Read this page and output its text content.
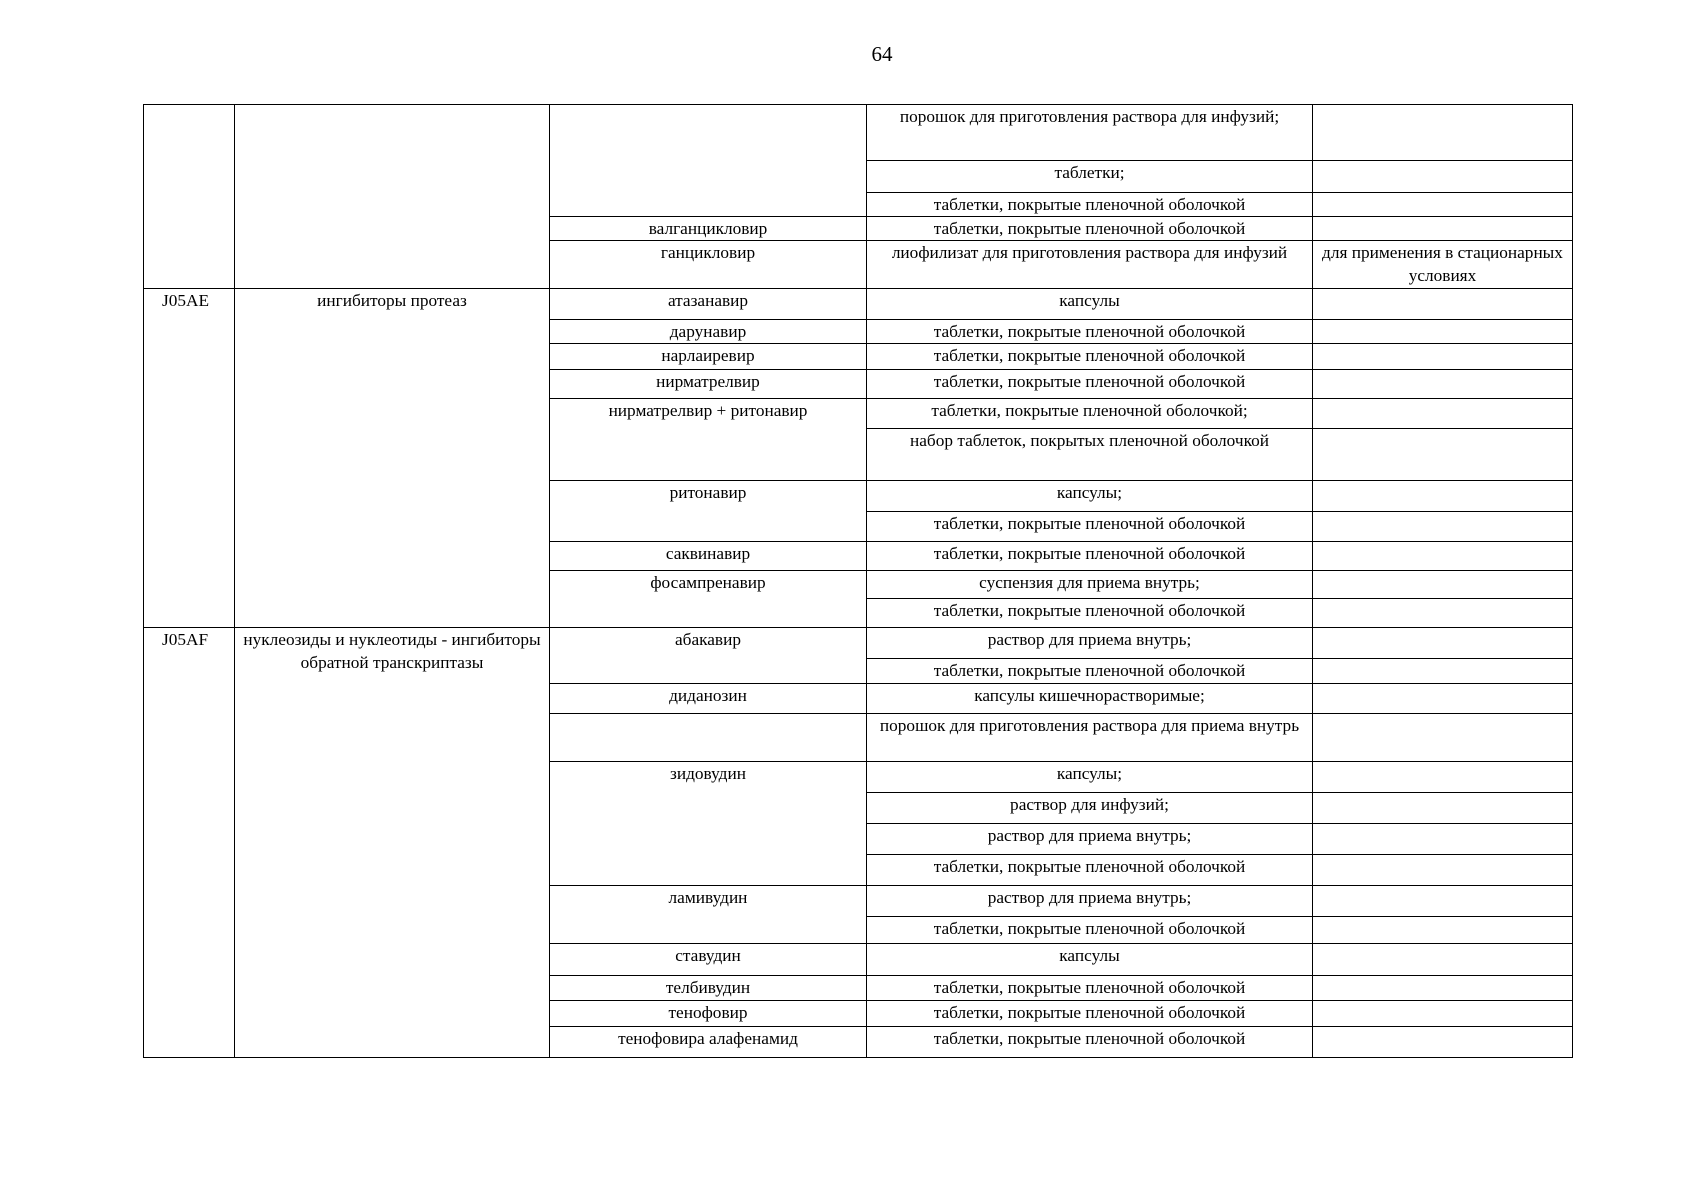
64
			порошок для приготовления раствора для инфузий;	
			таблетки;	
			таблетки, покрытые пленочной оболочкой	
		валганцикловир	таблетки, покрытые пленочной оболочкой	
		ганцикловир	лиофилизат для приготовления раствора для инфузий	для применения в стационарных условиях
J05AE	ингибиторы протеаз	атазанавир	капсулы	
		дарунавир	таблетки, покрытые пленочной оболочкой	
		нарлаиревир	таблетки, покрытые пленочной оболочкой	
		нирматрелвир	таблетки, покрытые пленочной оболочкой	
		нирматрелвир + ритонавир	таблетки, покрытые пленочной оболочкой;	
			набор таблеток, покрытых пленочной оболочкой	
		ритонавир	капсулы;	
			таблетки, покрытые пленочной оболочкой	
		саквинавир	таблетки, покрытые пленочной оболочкой	
		фосампренавир	суспензия для приема внутрь;	
			таблетки, покрытые пленочной оболочкой	
J05AF	нуклеозиды и нуклеотиды - ингибиторы обратной транскриптазы	абакавир	раствор для приема внутрь;	
			таблетки, покрытые пленочной оболочкой	
		диданозин	капсулы кишечнорастворимые;	
			порошок для приготовления раствора для приема внутрь	
		зидовудин	капсулы;	
			раствор для инфузий;	
			раствор для приема внутрь;	
			таблетки, покрытые пленочной оболочкой	
		ламивудин	раствор для приема внутрь;	
			таблетки, покрытые пленочной оболочкой	
		ставудин	капсулы	
		телбивудин	таблетки, покрытые пленочной оболочкой	
		тенофовир	таблетки, покрытые пленочной оболочкой	
		тенофовира алафенамид	таблетки, покрытые пленочной оболочкой	
